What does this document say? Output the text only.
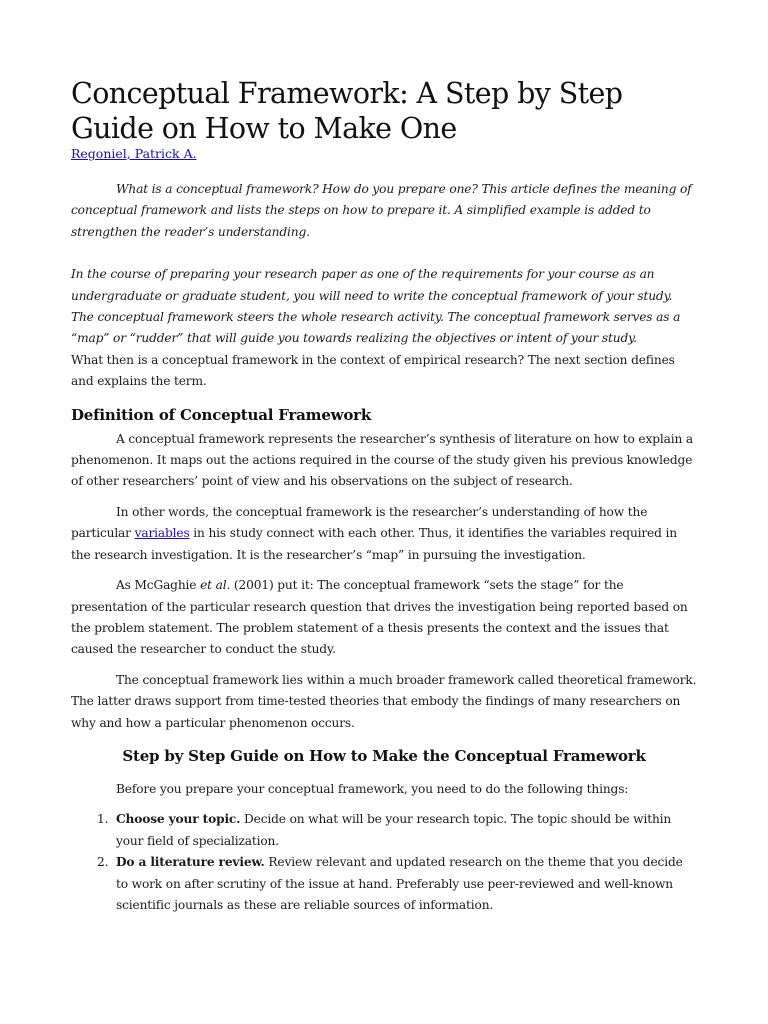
Conceptual Framework: A Step by Step Guide on How to Make One
Regoniel, Patrick A.

What is a conceptual framework? How do you prepare one? This article defines the meaning of conceptual framework and lists the steps on how to prepare it. A simplified example is added to strengthen the reader’s understanding.

In the course of preparing your research paper as one of the requirements for your course as an undergraduate or graduate student, you will need to write the conceptual framework of your study. The conceptual framework steers the whole research activity. The conceptual framework serves as a “map” or “rudder” that will guide you towards realizing the objectives or intent of your study.

What then is a conceptual framework in the context of empirical research? The next section defines and explains the term.

Definition of Conceptual Framework

A conceptual framework represents the researcher’s synthesis of literature on how to explain a phenomenon. It maps out the actions required in the course of the study given his previous knowledge of other researchers’ point of view and his observations on the subject of research.

In other words, the conceptual framework is the researcher’s understanding of how the particular variables in his study connect with each other. Thus, it identifies the variables required in the research investigation. It is the researcher’s “map” in pursuing the investigation.

As McGaghie et al. (2001) put it: The conceptual framework “sets the stage” for the presentation of the particular research question that drives the investigation being reported based on the problem statement. The problem statement of a thesis presents the context and the issues that caused the researcher to conduct the study.

The conceptual framework lies within a much broader framework called theoretical framework. The latter draws support from time-tested theories that embody the findings of many researchers on why and how a particular phenomenon occurs.

Step by Step Guide on How to Make the Conceptual Framework

Before you prepare your conceptual framework, you need to do the following things:

1. Choose your topic. Decide on what will be your research topic. The topic should be within your field of specialization.
2. Do a literature review. Review relevant and updated research on the theme that you decide to work on after scrutiny of the issue at hand. Preferably use peer-reviewed and well-known scientific journals as these are reliable sources of information.
